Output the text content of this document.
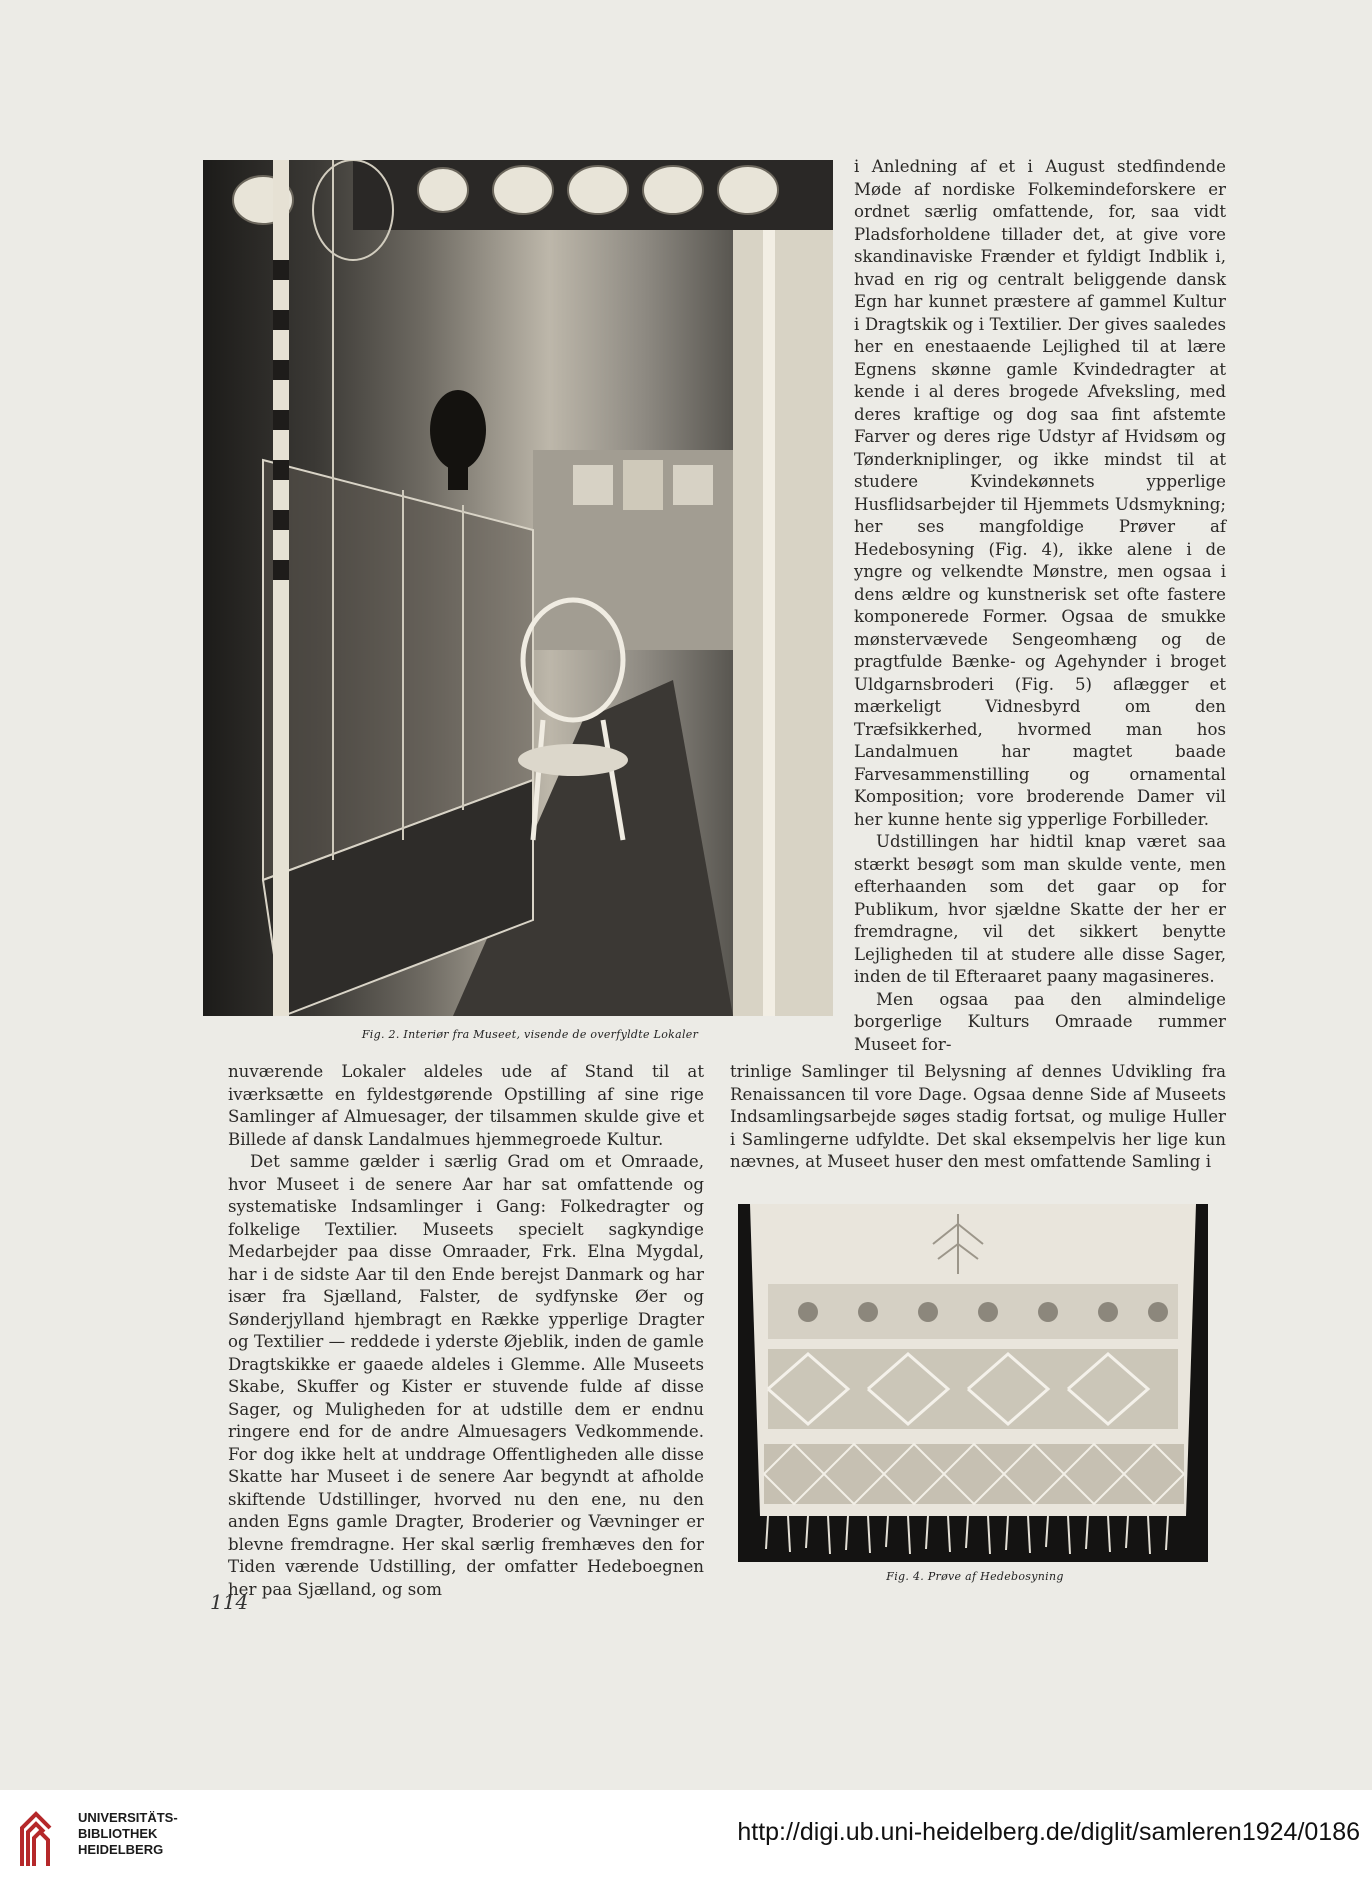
Fig. 2. Interiør fra Museet, visende de overfyldte Lokaler

i Anledning af et i August stedfindende Møde af nordiske Folkemindeforskere er ordnet særlig omfattende, for, saa vidt Pladsforholdene tillader det, at give vore skandinaviske Frænder et fyldigt Indblik i, hvad en rig og centralt beliggende dansk Egn har kunnet præstere af gammel Kultur i Dragtskik og i Textilier. Der gives saaledes her en enestaaende Lejlighed til at lære Egnens skønne gamle Kvindedragter at kende i al deres brogede Afveksling, med deres kraftige og dog saa fint afstemte Farver og deres rige Udstyr af Hvidsøm og Tønderkniplinger, og ikke mindst til at studere Kvindekønnets ypperlige Husflidsarbejder til Hjemmets Udsmykning; her ses mangfoldige Prøver af Hedebosyning (Fig. 4), ikke alene i de yngre og velkendte Mønstre, men ogsaa i dens ældre og kunstnerisk set ofte fastere komponerede Former. Ogsaa de smukke mønstervævede Sengeomhæng og de pragtfulde Bænke- og Agehynder i broget Uldgarnsbroderi (Fig. 5) aflægger et mærkeligt Vidnesbyrd om den Træfsikkerhed, hvormed man hos Landalmuen har magtet baade Farvesammenstilling og ornamental Komposition; vore broderende Damer vil her kunne hente sig ypperlige Forbilleder.

Udstillingen har hidtil knap været saa stærkt besøgt som man skulde vente, men efterhaanden som det gaar op for Publikum, hvor sjældne Skatte der her er fremdragne, vil det sikkert benytte Lejligheden til at studere alle disse Sager, inden de til Efteraaret paany magasineres.

Men ogsaa paa den almindelige borgerlige Kulturs Omraade rummer Museet for-

nuværende Lokaler aldeles ude af Stand til at iværksætte en fyldestgørende Opstilling af sine rige Samlinger af Almuesager, der tilsammen skulde give et Billede af dansk Landalmues hjemmegroede Kultur.

Det samme gælder i særlig Grad om et Omraade, hvor Museet i de senere Aar har sat omfattende og systematiske Indsamlinger i Gang: Folkedragter og folkelige Textilier. Museets specielt sagkyndige Medarbejder paa disse Omraader, Frk. Elna Mygdal, har i de sidste Aar til den Ende berejst Danmark og har især fra Sjælland, Falster, de sydfynske Øer og Sønderjylland hjembragt en Række ypperlige Dragter og Textilier — reddede i yderste Øjeblik, inden de gamle Dragtskikke er gaaede aldeles i Glemme. Alle Museets Skabe, Skuffer og Kister er stuvende fulde af disse Sager, og Muligheden for at udstille dem er endnu ringere end for de andre Almuesagers Vedkommende. For dog ikke helt at unddrage Offentligheden alle disse Skatte har Museet i de senere Aar begyndt at afholde skiftende Udstillinger, hvorved nu den ene, nu den anden Egns gamle Dragter, Broderier og Vævninger er blevne fremdragne. Her skal særlig fremhæves den for Tiden værende Udstilling, der omfatter Hedeboegnen her paa Sjælland, og som

trinlige Samlinger til Belysning af dennes Udvikling fra Renaissancen til vore Dage. Ogsaa denne Side af Museets Indsamlingsarbejde søges stadig fortsat, og mulige Huller i Samlingerne udfyldte. Det skal eksempelvis her lige kun nævnes, at Museet huser den mest omfattende Samling i

Fig. 4. Prøve af Hedebosyning
114
UNIVERSITÄTS-
BIBLIOTHEK
HEIDELBERG
http://digi.ub.uni-heidelberg.de/diglit/samleren1924/0186
